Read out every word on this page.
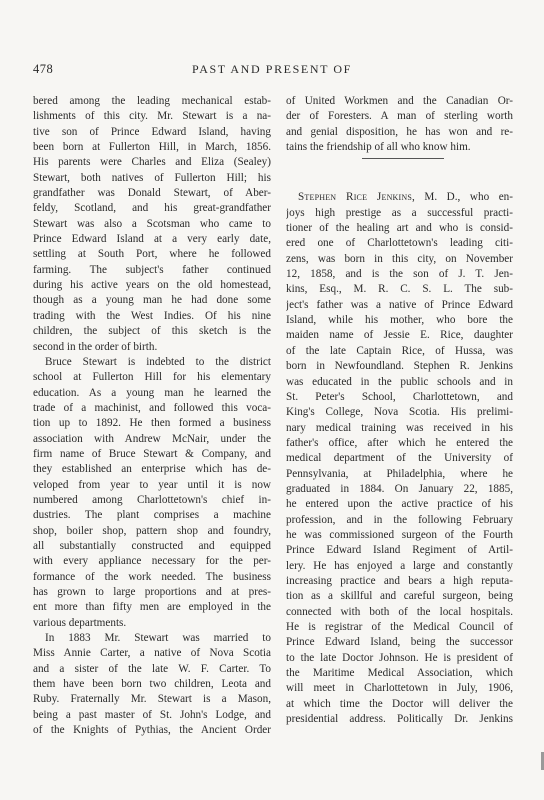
478	PAST AND PRESENT OF
bered among the leading mechanical estab-
lishments of this city. Mr. Stewart is a na-
tive son of Prince Edward Island, having
been born at Fullerton Hill, in March, 1856.
His parents were Charles and Eliza (Sealey)
Stewart, both natives of Fullerton Hill; his
grandfather was Donald Stewart, of Aber-
feldy, Scotland, and his great-grandfather
Stewart was also a Scotsman who came to
Prince Edward Island at a very early date,
settling at South Port, where he followed
farming. The subject's father continued
during his active years on the old homestead,
though as a young man he had done some
trading with the West Indies. Of his nine
children, the subject of this sketch is the
second in the order of birth.
Bruce Stewart is indebted to the district
school at Fullerton Hill for his elementary
education. As a young man he learned the
trade of a machinist, and followed this voca-
tion up to 1892. He then formed a business
association with Andrew McNair, under the
firm name of Bruce Stewart & Company, and
they established an enterprise which has de-
veloped from year to year until it is now
numbered among Charlottetown's chief in-
dustries. The plant comprises a machine
shop, boiler shop, pattern shop and foundry,
all substantially constructed and equipped
with every appliance necessary for the per-
formance of the work needed. The business
has grown to large proportions and at pres-
ent more than fifty men are employed in the
various departments.
In 1883 Mr. Stewart was married to
Miss Annie Carter, a native of Nova Scotia
and a sister of the late W. F. Carter. To
them have been born two children, Leota and
Ruby. Fraternally Mr. Stewart is a Mason,
being a past master of St. John's Lodge, and
of the Knights of Pythias, the Ancient Order
of United Workmen and the Canadian Or-
der of Foresters. A man of sterling worth
and genial disposition, he has won and re-
tains the friendship of all who know him.
Stephen Rice Jenkins, M. D., who en-
joys high prestige as a successful practi-
tioner of the healing art and who is consid-
ered one of Charlottetown's leading citi-
zens, was born in this city, on November
12, 1858, and is the son of J. T. Jen-
kins, Esq., M. R. C. S. L. The sub-
ject's father was a native of Prince Edward
Island, while his mother, who bore the
maiden name of Jessie E. Rice, daughter
of the late Captain Rice, of Hussa, was
born in Newfoundland. Stephen R. Jenkins
was educated in the public schools and in
St. Peter's School, Charlottetown, and
King's College, Nova Scotia. His prelimi-
nary medical training was received in his
father's office, after which he entered the
medical department of the University of
Pennsylvania, at Philadelphia, where he
graduated in 1884. On January 22, 1885,
he entered upon the active practice of his
profession, and in the following February
he was commissioned surgeon of the Fourth
Prince Edward Island Regiment of Artil-
lery. He has enjoyed a large and constantly
increasing practice and bears a high reputa-
tion as a skillful and careful surgeon, being
connected with both of the local hospitals.
He is registrar of the Medical Council of
Prince Edward Island, being the successor
to the late Doctor Johnson. He is president of
the Maritime Medical Association, which
will meet in Charlottetown in July, 1906,
at which time the Doctor will deliver the
presidential address. Politically Dr. Jenkins
